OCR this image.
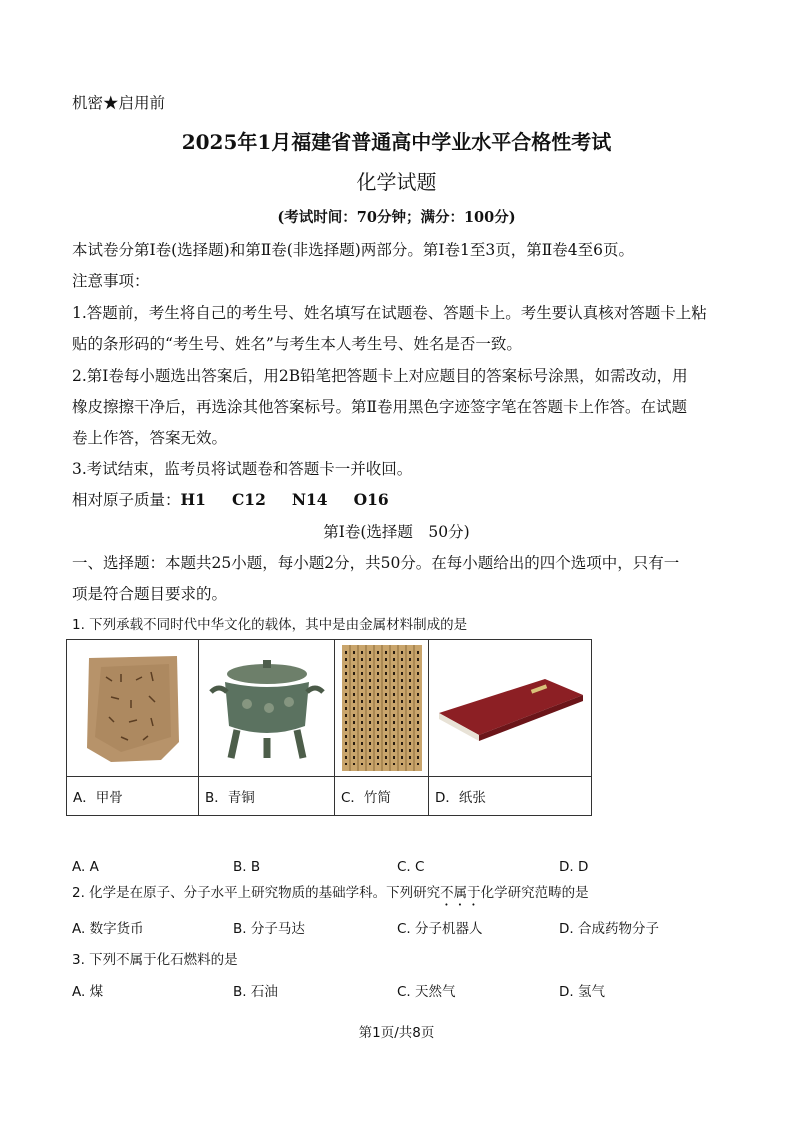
机密★启用前
2025年1月福建省普通高中学业水平合格性考试
化学试题
(考试时间：70分钟；满分：100分)
本试卷分第Ⅰ卷(选择题)和第Ⅱ卷(非选择题)两部分。第Ⅰ卷1至3页，第Ⅱ卷4至6页。
注意事项：
1.答题前，考生将自己的考生号、姓名填写在试题卷、答题卡上。考生要认真核对答题卡上粘
贴的条形码的“考生号、姓名”与考生本人考生号、姓名是否一致。
2.第Ⅰ卷每小题选出答案后，用2B铅笔把答题卡上对应题目的答案标号涂黑，如需改动，用
橡皮擦擦干净后，再选涂其他答案标号。第Ⅱ卷用黑色字迹签字笔在答题卡上作答。在试题
卷上作答，答案无效。
3.考试结束，监考员将试题卷和答题卡一并收回。
相对原子质量：H1 C12 N14 O16
第Ⅰ卷(选择题　50分)
一、选择题：本题共25小题，每小题2分，共50分。在每小题给出的四个选项中，只有一
项是符合题目要求的。
1. 下列承载不同时代中华文化的载体，其中是由金属材料制成的是

A．甲骨	B．青铜	C．竹简	D．纸张
A. A	B. B	C. C	D. D
2. 化学是在原子、分子水平上研究物质的基础学科。下列研究不属于化学研究范畴的是
A. 数字货币	B. 分子马达	C. 分子机器人	D. 合成药物分子
3. 下列不属于化石燃料的是
A. 煤	B. 石油	C. 天然气	D. 氢气
第1页/共8页
